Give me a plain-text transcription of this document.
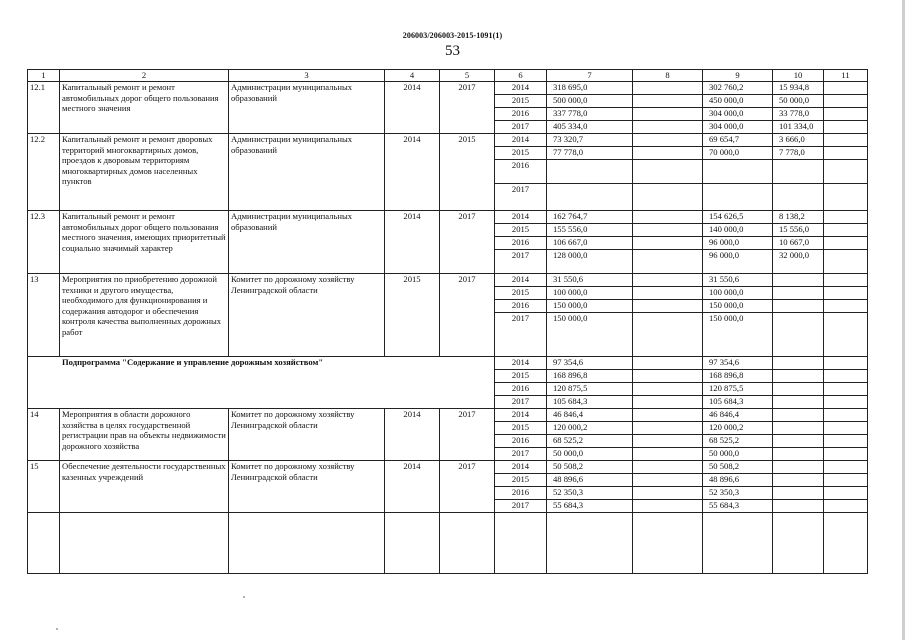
206003/206003-2015-1091(1)
53
1	2	3	4	5	6	7	8	9	10	11
12.1	Капитальный ремонт и ремонт автомобильных дорог общего пользования местного значения	Администрации муниципальных образований	2014	2017	2014	318 695,0		302 760,2	15 934,8	
					2015	500 000,0		450 000,0	50 000,0	
					2016	337 778,0		304 000,0	33 778,0	
					2017	405 334,0		304 000,0	101 334,0	
12.2	Капитальный ремонт и ремонт дворовых территорий многоквартирных домов, проездов к дворовым территориям многоквартирных домов населенных пунктов	Администрации муниципальных образований	2014	2015	2014	73 320,7		69 654,7	3 666,0	
					2015	77 778,0		70 000,0	7 778,0	
					2016					
					2017					
12.3	Капитальный ремонт и ремонт автомобильных дорог общего пользования местного значения, имеющих приоритетный социально значимый характер	Администрации муниципальных образований	2014	2017	2014	162 764,7		154 626,5	8 138,2	
					2015	155 556,0		140 000,0	15 556,0	
					2016	106 667,0		96 000,0	10 667,0	
					2017	128 000,0		96 000,0	32 000,0	
13	Мероприятия по приобретению дорожной техники и другого имущества, необходимого для функционирования и содержания автодорог и обеспечения контроля качества выполненных дорожных работ	Комитет по дорожному хозяйству Ленинградской области	2015	2017	2014	31 550,6		31 550,6		
					2015	100 000,0		100 000,0		
					2016	150 000,0		150 000,0		
					2017	150 000,0		150 000,0		
Подпрограмма "Содержание и управление дорожным хозяйством"					2014	97 354,6		97 354,6		
					2015	168 896,8		168 896,8		
					2016	120 875,5		120 875,5		
					2017	105 684,3		105 684,3		
14	Мероприятия в области дорожного хозяйства в целях государственной регистрации прав на объекты недвижимости дорожного хозяйства	Комитет по дорожному хозяйству Ленинградской области	2014	2017	2014	46 846,4		46 846,4		
					2015	120 000,2		120 000,2		
					2016	68 525,2		68 525,2		
					2017	50 000,0		50 000,0		
15	Обеспечение деятельности государственных казенных учреждений	Комитет по дорожному хозяйству Ленинградской области	2014	2017	2014	50 508,2		50 508,2		
					2015	48 896,6		48 896,6		
					2016	52 350,3		52 350,3		
					2017	55 684,3		55 684,3		
